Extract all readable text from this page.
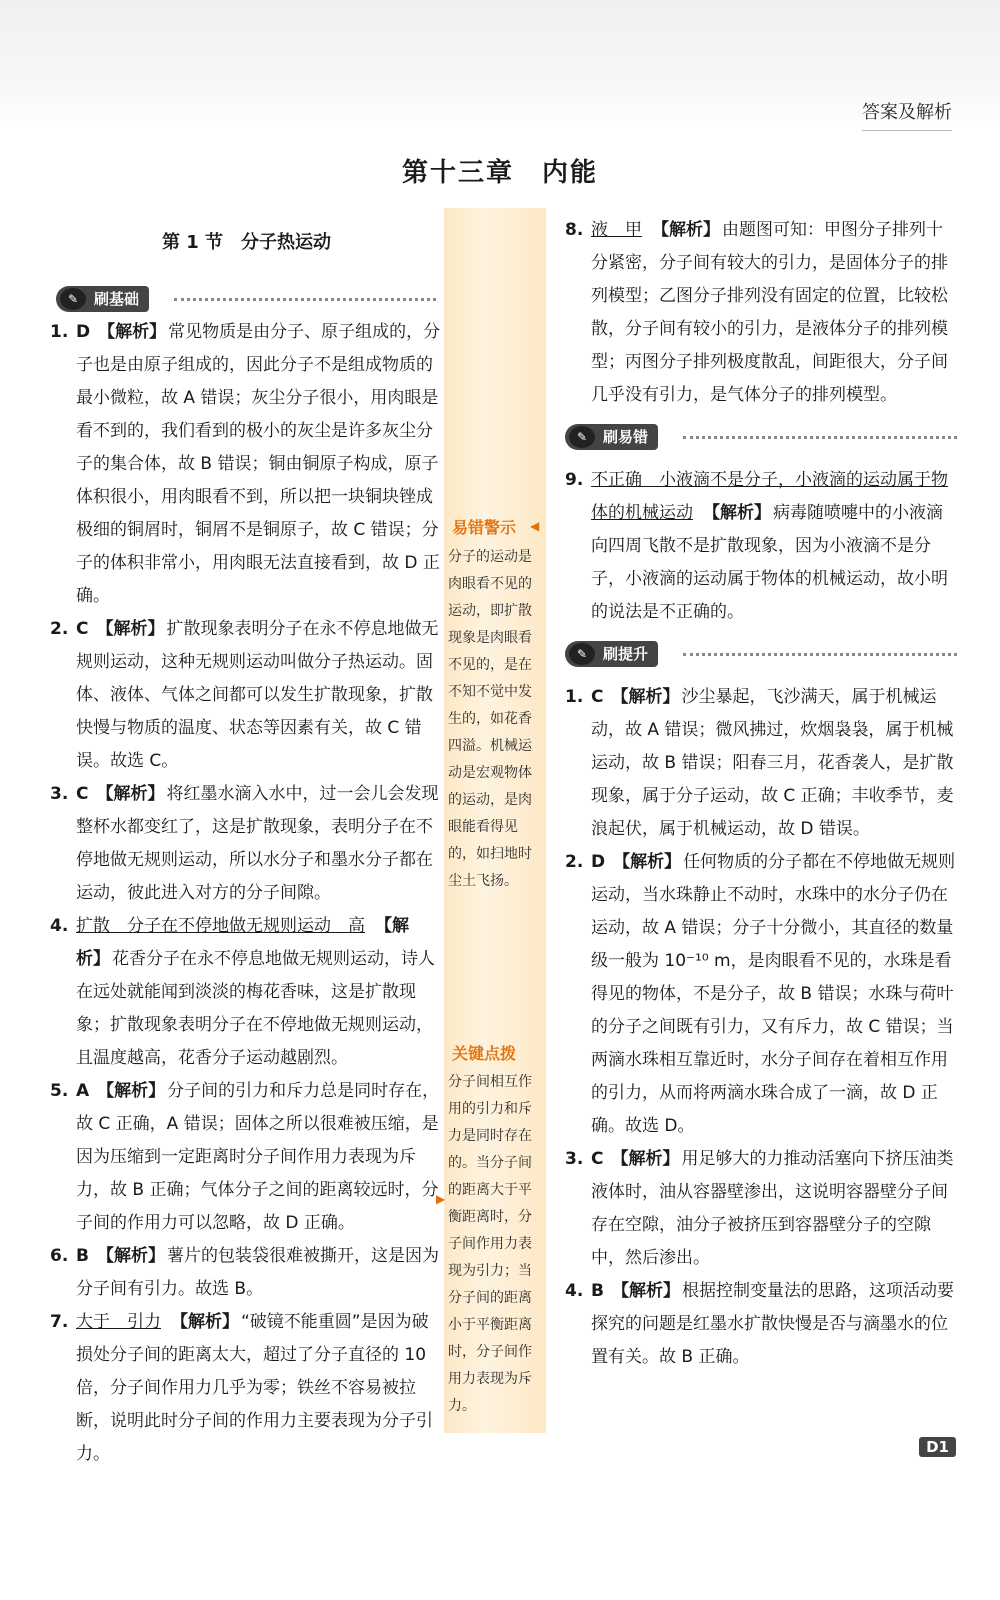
答案及解析
第十三章　内能
第 1 节　分子热运动
易错警示 ◀
分子的运动是肉眼看不见的运动，即扩散现象是肉眼看不见的，是在不知不觉中发生的，如花香四溢。机械运动是宏观物体的运动，是肉眼能看得见的，如扫地时尘土飞扬。
关键点拨
▶
分子间相互作用的引力和斥力是同时存在的。当分子间的距离大于平衡距离时，分子间作用力表现为引力；当分子间的距离小于平衡距离时，分子间作用力表现为斥力。
✎	刷基础

1. D 【 解析 】 常见物质是由分子、原子组成的，分子也是由原子组成的，因此分子不是组成物质的最小微粒，故 A 错误；灰尘分子很小，用肉眼是看不到的，我们看到的极小的灰尘是许多灰尘分子的集合体，故 B 错误；铜由铜原子构成，原子体积很小，用肉眼看不到，所以把一块铜块锉成极细的铜屑时，铜屑不是铜原子，故 C 错误；分子的体积非常小，用肉眼无法直接看到，故 D 正确。

2. C 【 解析 】 扩散现象表明分子在永不停息地做无规则运动，这种无规则运动叫做分子热运动。固体、液体、气体之间都可以发生扩散现象，扩散快慢与物质的温度、状态等因素有关，故 C 错误。故选 C。

3. C 【 解析 】 将红墨水滴入水中，过一会儿会发现整杯水都变红了，这是扩散现象，表明分子在不停地做无规则运动，所以水分子和墨水分子都在运动，彼此进入对方的分子间隙。

4. 扩散　分子在不停地做无规则运动　高 【 解析 】 花香分子在永不停息地做无规则运动，诗人在远处就能闻到淡淡的梅花香味，这是扩散现象；扩散现象表明分子在不停地做无规则运动，且温度越高，花香分子运动越剧烈。

5. A 【 解析 】 分子间的引力和斥力总是同时存在，故 C 正确，A 错误；固体之所以很难被压缩，是因为压缩到一定距离时分子间作用力表现为斥力，故 B 正确；气体分子之间的距离较远时，分子间的作用力可以忽略，故 D 正确。

6. B 【 解析 】 薯片的包装袋很难被撕开，这是因为分子间有引力。故选 B。

7. 大于　引力 【 解析 】 “破镜不能重圆”是因为破损处分子间的距离太大，超过了分子直径的 10 倍，分子间作用力几乎为零；铁丝不容易被拉断，说明此时分子间的作用力主要表现为分子引力。

8. 液　甲 【 解析 】 由题图可知：甲图分子排列十分紧密，分子间有较大的引力，是固体分子的排列模型；乙图分子排列没有固定的位置，比较松散，分子间有较小的引力，是液体分子的排列模型；丙图分子排列极度散乱，间距很大，分子间几乎没有引力，是气体分子的排列模型。

✎	刷易错

9. 不正确　小液滴不是分子，小液滴的运动属于物体的机械运动 【 解析 】 病毒随喷嚏中的小液滴向四周飞散不是扩散现象，因为小液滴不是分子，小液滴的运动属于物体的机械运动，故小明的说法是不正确的。

✎	刷提升

1. C 【 解析 】 沙尘暴起，飞沙满天，属于机械运动，故 A 错误；微风拂过，炊烟袅袅，属于机械运动，故 B 错误；阳春三月，花香袭人，是扩散现象，属于分子运动，故 C 正确；丰收季节，麦浪起伏，属于机械运动，故 D 错误。

2. D 【 解析 】 任何物质的分子都在不停地做无规则运动，当水珠静止不动时，水珠中的水分子仍在运动，故 A 错误；分子十分微小，其直径的数量级一般为 10⁻¹⁰ m，是肉眼看不见的，水珠是看得见的物体，不是分子，故 B 错误；水珠与荷叶的分子之间既有引力，又有斥力，故 C 错误；当两滴水珠相互靠近时，水分子间存在着相互作用的引力，从而将两滴水珠合成了一滴，故 D 正确。故选 D。

3. C 【 解析 】 用足够大的力推动活塞向下挤压油类液体时，油从容器壁渗出，这说明容器壁分子间存在空隙，油分子被挤压到容器壁分子的空隙中，然后渗出。

4. B 【 解析 】 根据控制变量法的思路，这项活动要探究的问题是红墨水扩散快慢是否与滴墨水的位置有关。故 B 正确。

D1
